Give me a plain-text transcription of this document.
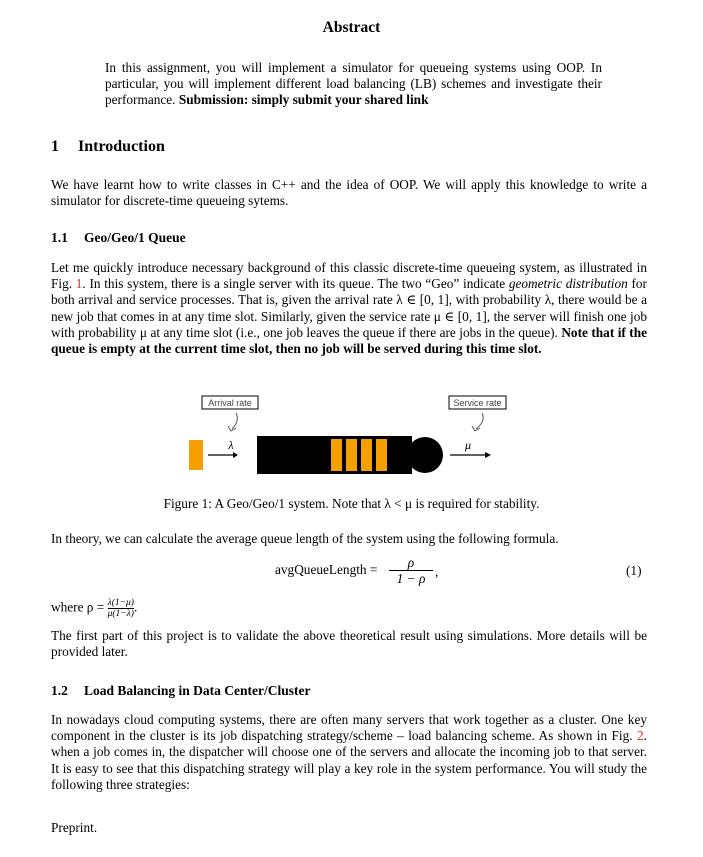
Abstract
In this assignment, you will implement a simulator for queueing systems using OOP. In particular, you will implement different load balancing (LB) schemes and investigate their performance. Submission: simply submit your shared link
1 Introduction
We have learnt how to write classes in C++ and the idea of OOP. We will apply this knowledge to write a simulator for discrete-time queueing sytems.
1.1 Geo/Geo/1 Queue
Let me quickly introduce necessary background of this classic discrete-time queueing system, as illustrated in Fig. 1. In this system, there is a single server with its queue. The two “Geo” indicate geometric distribution for both arrival and service processes. That is, given the arrival rate λ ∈ [0, 1], with probability λ, there would be a new job that comes in at any time slot. Similarly, given the service rate μ ∈ [0, 1], the server will finish one job with probability μ at any time slot (i.e., one job leaves the queue if there are jobs in the queue). Note that if the queue is empty at the current time slot, then no job will be served during this time slot.
Arrival rate	Service rate
λ	μ
Figure 1: A Geo/Geo/1 system. Note that λ < μ is required for stability.
In theory, we can calculate the average queue length of the system using the following formula.
avgQueueLength =	ρ
1 − ρ ,	(1)
where $\rho = \frac{\lambda(1-\mu)}{\mu(1-\lambda)}$.
The first part of this project is to validate the above theoretical result using simulations. More details will be provided later.
1.2 Load Balancing in Data Center/Cluster
In nowadays cloud computing systems, there are often many servers that work together as a cluster. One key component in the cluster is its job dispatching strategy/scheme – load balancing scheme. As shown in Fig. 2. when a job comes in, the dispatcher will choose one of the servers and allocate the incoming job to that server. It is easy to see that this dispatching strategy will play a key role in the system performance. You will study the following three strategies:
Preprint.
